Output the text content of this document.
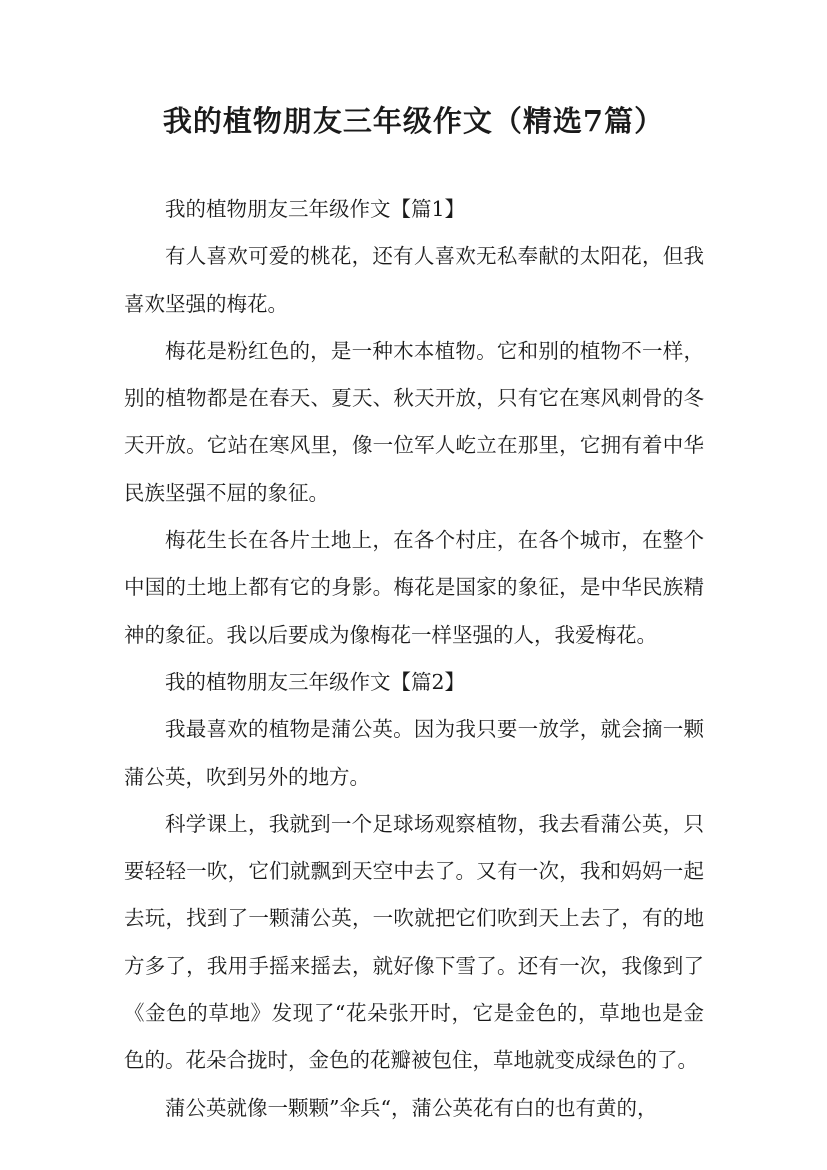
我的植物朋友三年级作文（精选7篇）

我的植物朋友三年级作文【篇1】

有人喜欢可爱的桃花，还有人喜欢无私奉献的太阳花，但我喜欢坚强的梅花。

梅花是粉红色的，是一种木本植物。它和别的植物不一样，别的植物都是在春天、夏天、秋天开放，只有它在寒风刺骨的冬天开放。它站在寒风里，像一位军人屹立在那里，它拥有着中华民族坚强不屈的象征。

梅花生长在各片土地上，在各个村庄，在各个城市，在整个中国的土地上都有它的身影。梅花是国家的象征，是中华民族精神的象征。我以后要成为像梅花一样坚强的人，我爱梅花。

我的植物朋友三年级作文【篇2】

我最喜欢的植物是蒲公英。因为我只要一放学，就会摘一颗蒲公英，吹到另外的地方。

科学课上，我就到一个足球场观察植物，我去看蒲公英，只要轻轻一吹，它们就飘到天空中去了。又有一次，我和妈妈一起去玩，找到了一颗蒲公英，一吹就把它们吹到天上去了，有的地方多了，我用手摇来摇去，就好像下雪了。还有一次，我像到了《金色的草地》发现了“花朵张开时，它是金色的，草地也是金色的。花朵合拢时，金色的花瓣被包住，草地就变成绿色的了。

蒲公英就像一颗颗”伞兵“，蒲公英花有白的也有黄的，
